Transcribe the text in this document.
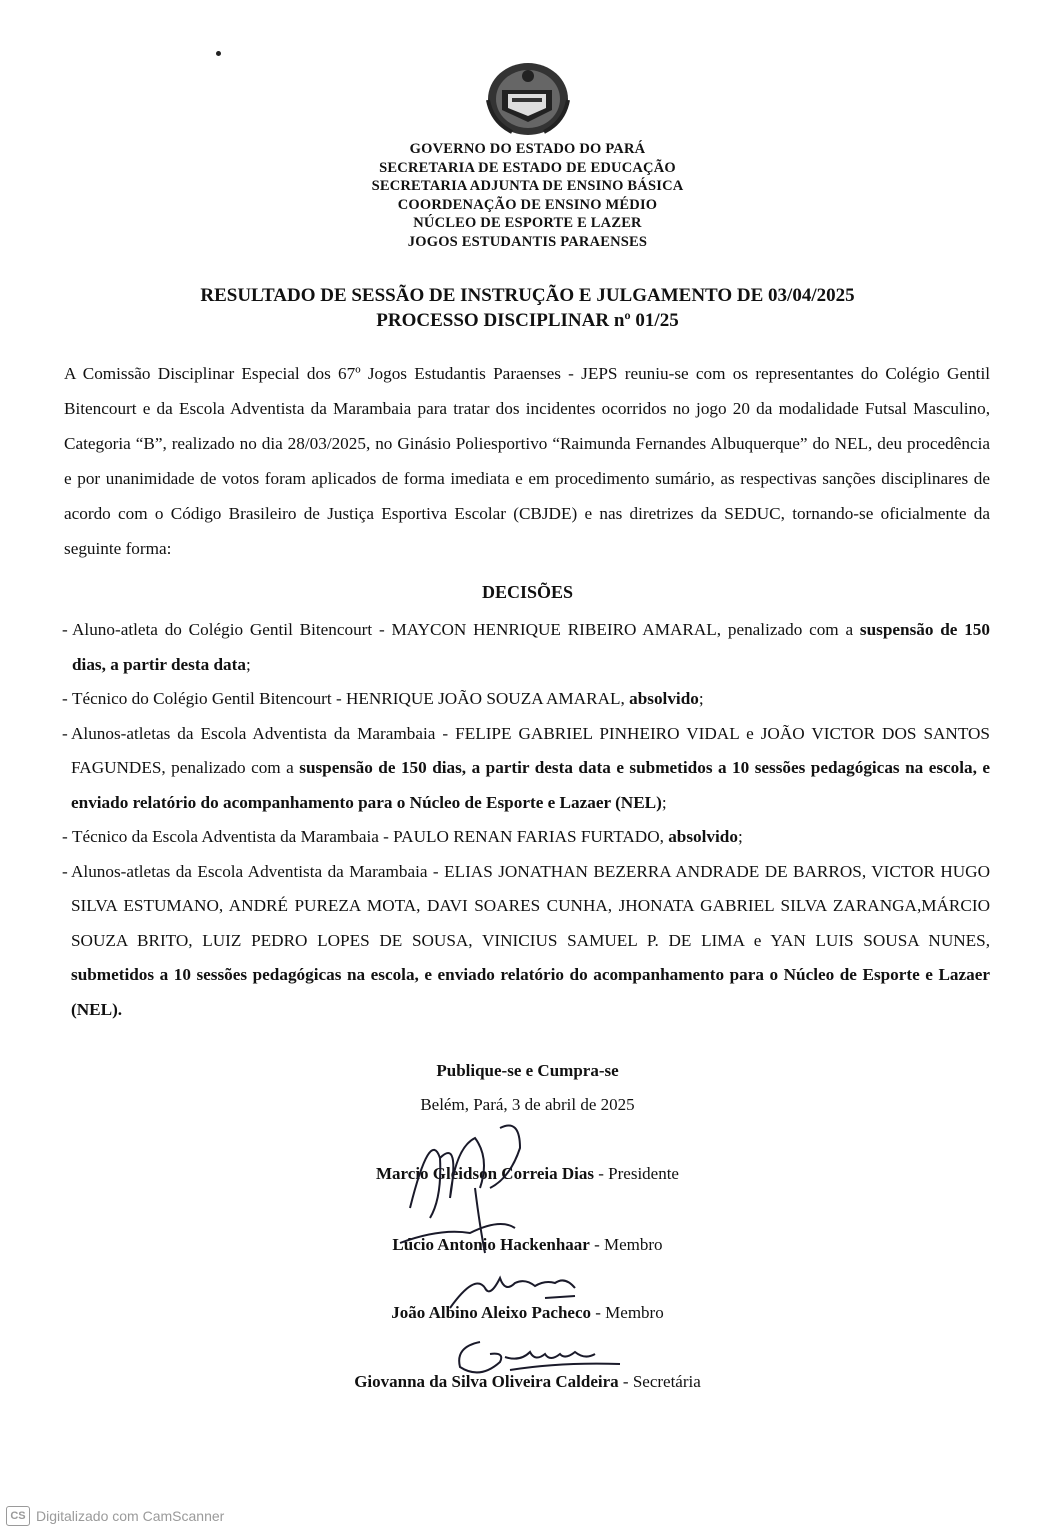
GOVERNO DO ESTADO DO PARÁ
SECRETARIA DE ESTADO DE EDUCAÇÃO
SECRETARIA ADJUNTA DE ENSINO BÁSICA
COORDENAÇÃO DE ENSINO MÉDIO
NÚCLEO DE ESPORTE E LAZER
JOGOS ESTUDANTIS PARAENSES
RESULTADO DE SESSÃO DE INSTRUÇÃO E JULGAMENTO DE 03/04/2025
PROCESSO DISCIPLINAR nº 01/25
A Comissão Disciplinar Especial dos 67º Jogos Estudantis Paraenses - JEPS reuniu-se com os representantes do Colégio Gentil Bitencourt e da Escola Adventista da Marambaia para tratar dos incidentes ocorridos no jogo 20 da modalidade Futsal Masculino, Categoria “B”, realizado no dia 28/03/2025, no Ginásio Poliesportivo “Raimunda Fernandes Albuquerque” do NEL, deu procedência e por unanimidade de votos foram aplicados de forma imediata e em procedimento sumário, as respectivas sanções disciplinares de acordo com o Código Brasileiro de Justiça Esportiva Escolar (CBJDE) e nas diretrizes da SEDUC, tornando-se oficialmente da seguinte forma:
DECISÕES
- Aluno-atleta do Colégio Gentil Bitencourt - MAYCON HENRIQUE RIBEIRO AMARAL, penalizado com a suspensão de 150 dias, a partir desta data;
- Técnico do Colégio Gentil Bitencourt - HENRIQUE JOÃO SOUZA AMARAL, absolvido;
- Alunos-atletas da Escola Adventista da Marambaia - FELIPE GABRIEL PINHEIRO VIDAL e JOÃO VICTOR DOS SANTOS FAGUNDES, penalizado com a suspensão de 150 dias, a partir desta data e submetidos a 10 sessões pedagógicas na escola, e enviado relatório do acompanhamento para o Núcleo de Esporte e Lazaer (NEL);
- Técnico da Escola Adventista da Marambaia - PAULO RENAN FARIAS FURTADO, absolvido;
- Alunos-atletas da Escola Adventista da Marambaia - ELIAS JONATHAN BEZERRA ANDRADE DE BARROS, VICTOR HUGO SILVA ESTUMANO, ANDRÉ PUREZA MOTA, DAVI SOARES CUNHA, JHONATA GABRIEL SILVA ZARANGA,MÁRCIO SOUZA BRITO, LUIZ PEDRO LOPES DE SOUSA, VINICIUS SAMUEL P. DE LIMA e YAN LUIS SOUSA NUNES, submetidos a 10 sessões pedagógicas na escola, e enviado relatório do acompanhamento para o Núcleo de Esporte e Lazaer (NEL).
Publique-se e Cumpra-se
Belém, Pará, 3 de abril de 2025
Marcio Gleidson Correia Dias - Presidente
Lúcio Antonio Hackenhaar - Membro
João Albino Aleixo Pacheco - Membro
Giovanna da Silva Oliveira Caldeira - Secretária
CS Digitalizado com CamScanner
